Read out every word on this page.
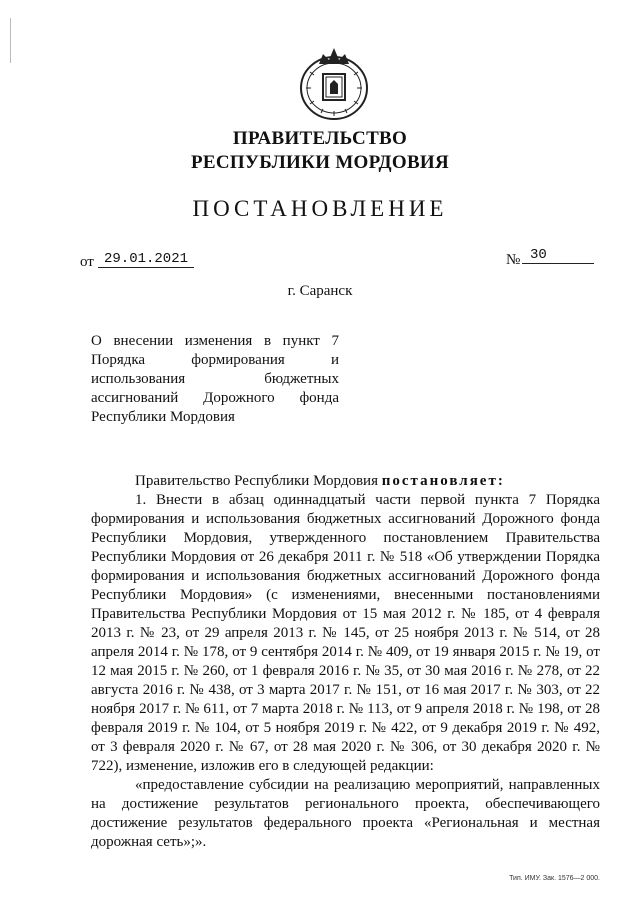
ПРАВИТЕЛЬСТВО
РЕСПУБЛИКИ МОРДОВИЯ
ПОСТАНОВЛЕНИЕ
от 29.01.2021	№ 30
г. Саранск
О внесении изменения в пункт 7
Порядка формирования и
использования бюджетных
ассигнований Дорожного фонда
Республики Мордовия

Правительство Республики Мордовия постановляет:

1. Внести в абзац одиннадцатый части первой пункта 7 Порядка формирования и использования бюджетных ассигнований Дорожного фонда Республики Мордовия, утвержденного постановлением Правительства Республики Мордовия от 26 декабря 2011 г. № 518 «Об утверждении Порядка формирования и использования бюджетных ассигнований Дорожного фонда Республики Мордовия» (с изменениями, внесенными постановлениями Правительства Республики Мордовия от 15 мая 2012 г. № 185, от 4 февраля 2013 г. № 23, от 29 апреля 2013 г. № 145, от 25 ноября 2013 г. № 514, от 28 апреля 2014 г. № 178, от 9 сентября 2014 г. № 409, от 19 января 2015 г. № 19, от 12 мая 2015 г. № 260, от 1 февраля 2016 г. № 35, от 30 мая 2016 г. № 278, от 22 августа 2016 г. № 438, от 3 марта 2017 г. № 151, от 16 мая 2017 г. № 303, от 22 ноября 2017 г. № 611, от 7 марта 2018 г. № 113, от 9 апреля 2018 г. № 198, от 28 февраля 2019 г. № 104, от 5 ноября 2019 г. № 422, от 9 декабря 2019 г. № 492, от 3 февраля 2020 г. № 67, от 28 мая 2020 г. № 306, от 30 декабря 2020 г. № 722), изменение, изложив его в следующей редакции:

«предоставление субсидии на реализацию мероприятий, направленных на достижение результатов регионального проекта, обеспечивающего достижение результатов федерального проекта «Региональная и местная дорожная сеть»;».

Тип. ИМУ. Зак. 1576—2 000.
